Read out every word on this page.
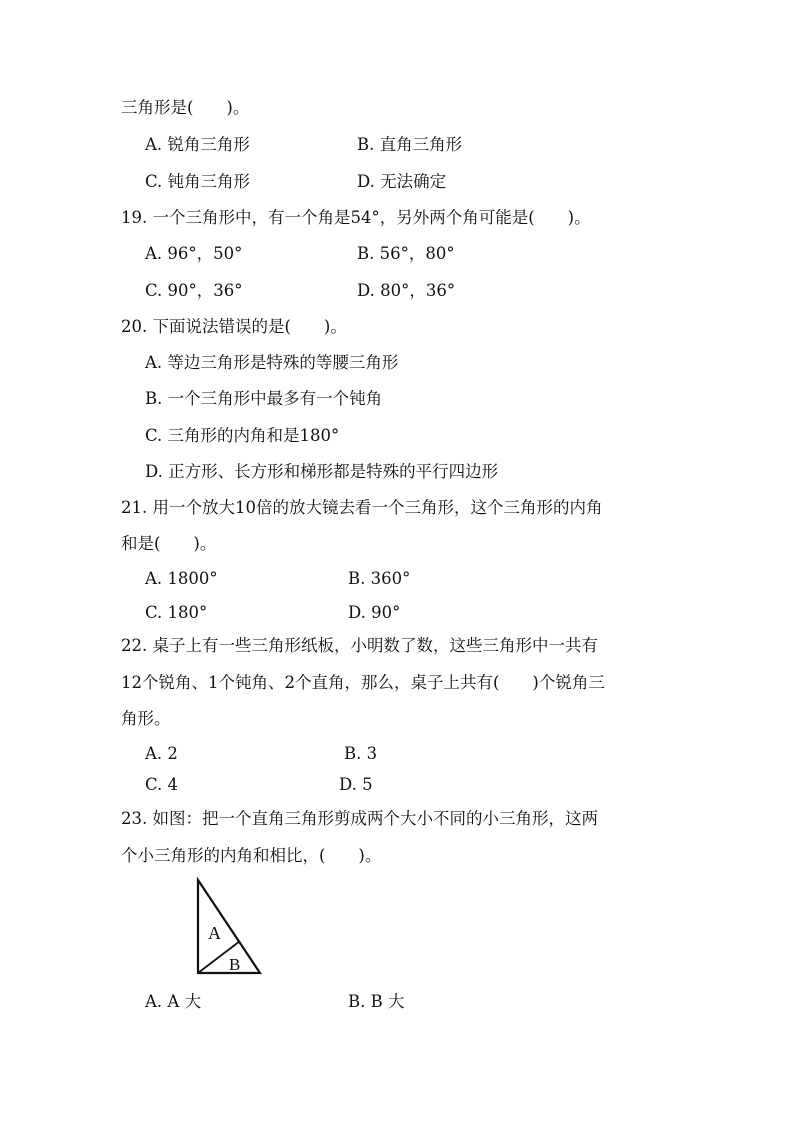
三角形是(　　)。
A. 锐角三角形	B. 直角三角形
C. 钝角三角形	D. 无法确定
19. 一个三角形中，有一个角是54°，另外两个角可能是(　　)。
A. 96°，50°	B. 56°，80°
C. 90°，36°	D. 80°，36°
20. 下面说法错误的是(　　)。
A. 等边三角形是特殊的等腰三角形
B. 一个三角形中最多有一个钝角
C. 三角形的内角和是180°
D. 正方形、长方形和梯形都是特殊的平行四边形
21. 用一个放大10倍的放大镜去看一个三角形，这个三角形的内角
和是(　　)。
A. 1800°	B. 360°
C. 180°	D. 90°
22. 桌子上有一些三角形纸板，小明数了数，这些三角形中一共有
12个锐角、1个钝角、2个直角，那么，桌子上共有(　　)个锐角三
角形。
A. 2	B. 3
C. 4	D. 5
23. 如图：把一个直角三角形剪成两个大小不同的小三角形，这两
个小三角形的内角和相比，(　　)。
A
B
A. A 大	B. B 大
